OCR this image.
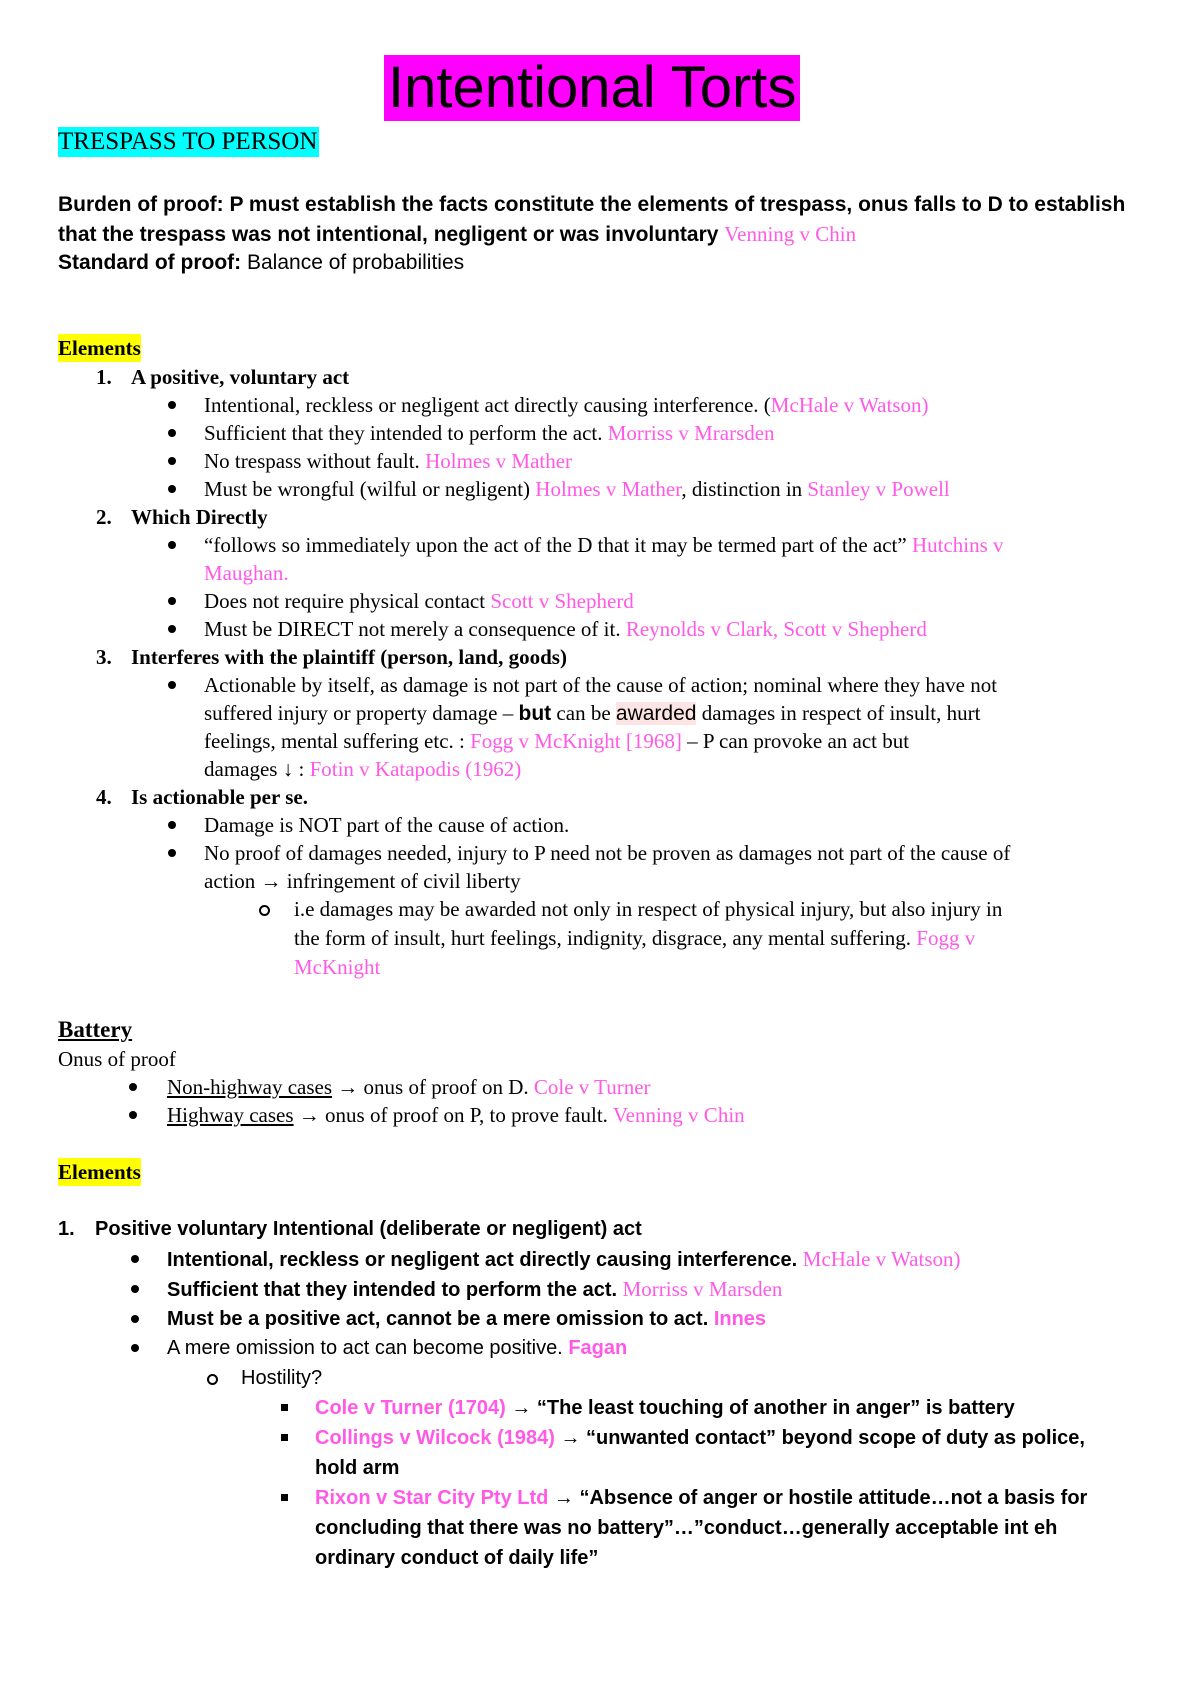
Intentional Torts
TRESPASS TO PERSON
Burden of proof: P must establish the facts constitute the elements of trespass, onus falls to D to establish
that the trespass was not intentional, negligent or was involuntary Venning v Chin
Standard of proof: Balance of probabilities
Elements
1. A positive, voluntary act
Intentional, reckless or negligent act directly causing interference. (McHale v Watson)
Sufficient that they intended to perform the act. Morriss v Mrarsden
No trespass without fault. Holmes v Mather
Must be wrongful (wilful or negligent) Holmes v Mather, distinction in Stanley v Powell
2. Which Directly
“follows so immediately upon the act of the D that it may be termed part of the act” Hutchins v
Maughan.
Does not require physical contact Scott v Shepherd
Must be DIRECT not merely a consequence of it. Reynolds v Clark, Scott v Shepherd
3. Interferes with the plaintiff (person, land, goods)
Actionable by itself, as damage is not part of the cause of action; nominal where they have not
suffered injury or property damage – but can be awarded damages in respect of insult, hurt
feelings, mental suffering etc. : Fogg v McKnight [1968] – P can provoke an act but
damages ↓ : Fotin v Katapodis (1962)
4. Is actionable per se.
Damage is NOT part of the cause of action.
No proof of damages needed, injury to P need not be proven as damages not part of the cause of
action → infringement of civil liberty
i.e damages may be awarded not only in respect of physical injury, but also injury in
the form of insult, hurt feelings, indignity, disgrace, any mental suffering. Fogg v
McKnight
Battery
Onus of proof
Non-highway cases → onus of proof on D. Cole v Turner
Highway cases → onus of proof on P, to prove fault. Venning v Chin
Elements
1. Positive voluntary Intentional (deliberate or negligent) act
Intentional, reckless or negligent act directly causing interference. McHale v Watson)
Sufficient that they intended to perform the act. Morriss v Marsden
Must be a positive act, cannot be a mere omission to act. Innes
A mere omission to act can become positive. Fagan
Hostility?
Cole v Turner (1704) → “The least touching of another in anger” is battery
Collings v Wilcock (1984) → “unwanted contact” beyond scope of duty as police,
hold arm
Rixon v Star City Pty Ltd → “Absence of anger or hostile attitude…not a basis for
concluding that there was no battery”…”conduct…generally acceptable int eh
ordinary conduct of daily life”
